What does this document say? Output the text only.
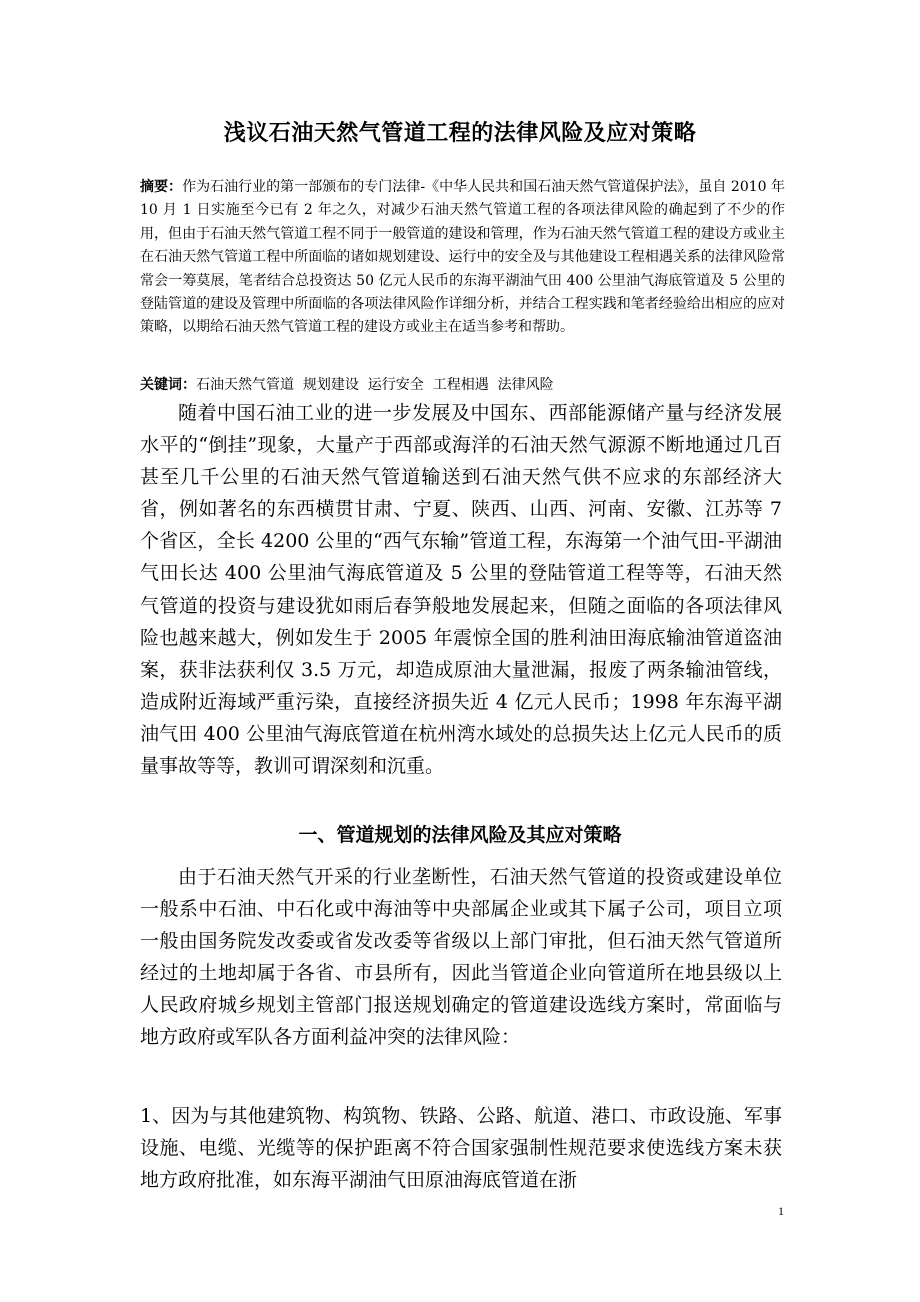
浅议石油天然气管道工程的法律风险及应对策略
摘要：作为石油行业的第一部颁布的专门法律-《中华人民共和国石油天然气管道保护法》，虽自 2010 年 10 月 1 日实施至今已有 2 年之久，对减少石油天然气管道工程的各项法律风险的确起到了不少的作用，但由于石油天然气管道工程不同于一般管道的建设和管理，作为石油天然气管道工程的建设方或业主在石油天然气管道工程中所面临的诸如规划建设、运行中的安全及与其他建设工程相遇关系的法律风险常常会一筹莫展，笔者结合总投资达 50 亿元人民币的东海平湖油气田 400 公里油气海底管道及 5 公里的登陆管道的建设及管理中所面临的各项法律风险作详细分析，并结合工程实践和笔者经验给出相应的应对策略，以期给石油天然气管道工程的建设方或业主在适当参考和帮助。
关键词：石油天然气管道  规划建设  运行安全  工程相遇  法律风险
随着中国石油工业的进一步发展及中国东、西部能源储产量与经济发展水平的“倒挂”现象，大量产于西部或海洋的石油天然气源源不断地通过几百甚至几千公里的石油天然气管道输送到石油天然气供不应求的东部经济大省，例如著名的东西横贯甘肃、宁夏、陕西、山西、河南、安徽、江苏等 7 个省区，全长 4200 公里的“西气东输”管道工程，东海第一个油气田-平湖油气田长达 400 公里油气海底管道及 5 公里的登陆管道工程等等，石油天然气管道的投资与建设犹如雨后春笋般地发展起来，但随之面临的各项法律风险也越来越大，例如发生于 2005 年震惊全国的胜利油田海底输油管道盗油案，获非法获利仅 3.5 万元，却造成原油大量泄漏，报废了两条输油管线，造成附近海域严重污染，直接经济损失近 4 亿元人民币；1998 年东海平湖油气田 400 公里油气海底管道在杭州湾水域处的总损失达上亿元人民币的质量事故等等，教训可谓深刻和沉重。
一、管道规划的法律风险及其应对策略
由于石油天然气开采的行业垄断性，石油天然气管道的投资或建设单位一般系中石油、中石化或中海油等中央部属企业或其下属子公司，项目立项一般由国务院发改委或省发改委等省级以上部门审批，但石油天然气管道所经过的土地却属于各省、市县所有，因此当管道企业向管道所在地县级以上人民政府城乡规划主管部门报送规划确定的管道建设选线方案时，常面临与地方政府或军队各方面利益冲突的法律风险：
1、因为与其他建筑物、构筑物、铁路、公路、航道、港口、市政设施、军事设施、电缆、光缆等的保护距离不符合国家强制性规范要求使选线方案未获地方政府批准，如东海平湖油气田原油海底管道在浙
1
